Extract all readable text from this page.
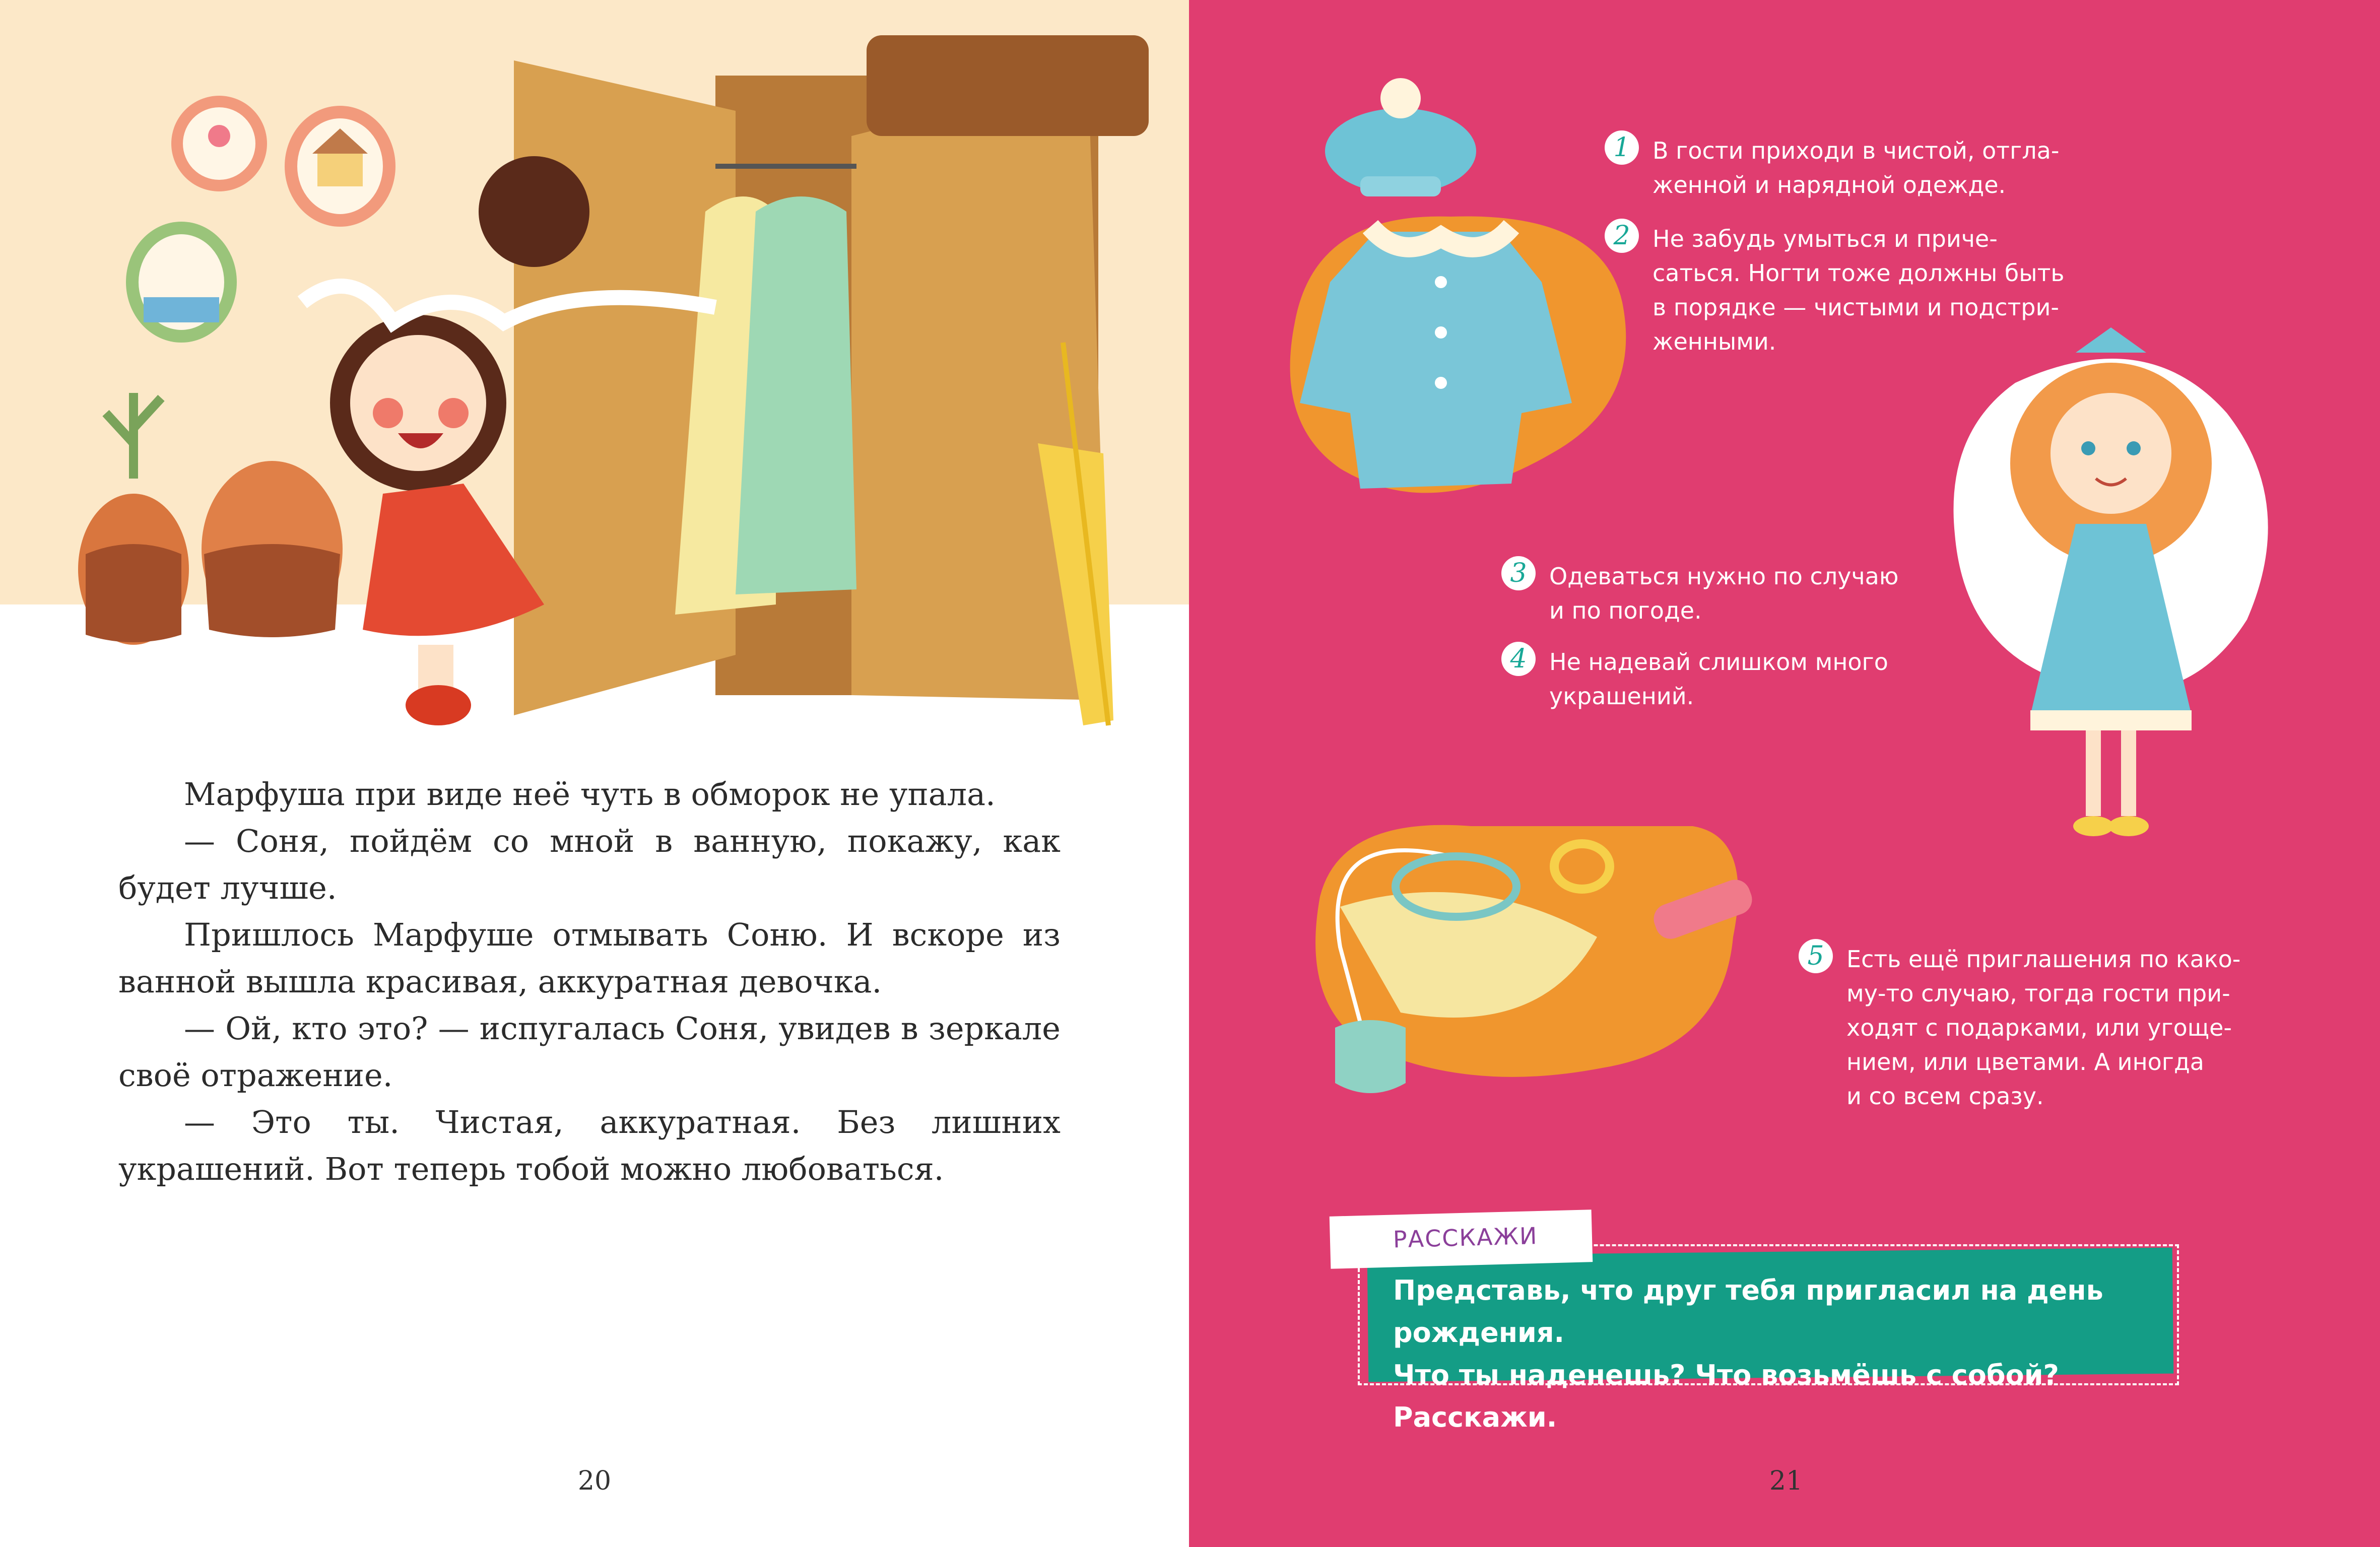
Марфуша при виде неё чуть в обморок не упала.

— Соня, пойдём со мной в ванную, покажу, как будет лучше.

Пришлось Марфуше отмывать Соню. И вскоре из ванной вышла красивая, аккуратная девочка.

— Ой, кто это? — испугалась Соня, увидев в зеркале своё отражение.

— Это ты. Чистая, аккуратная. Без лишних украшений. Вот теперь тобой можно любоваться.

20
1 В гости приходи в чистой, отгла-
женной и нарядной одежде.
2 Не забудь умыться и приче-
саться. Ногти тоже должны быть
в порядке — чистыми и подстри-
женными.
3 Одеваться нужно по случаю
и по погоде.
4 Не надевай слишком много
украшений.
5 Есть ещё приглашения по како-
му-то случаю, тогда гости при-
ходят с подарками, или угоще-
нием, или цветами. А иногда
и со всем сразу.
РАССКАЖИ
Представь, что друг тебя пригласил на день рождения.
Что ты наденешь? Что возьмёшь с собой? Расскажи.
21
